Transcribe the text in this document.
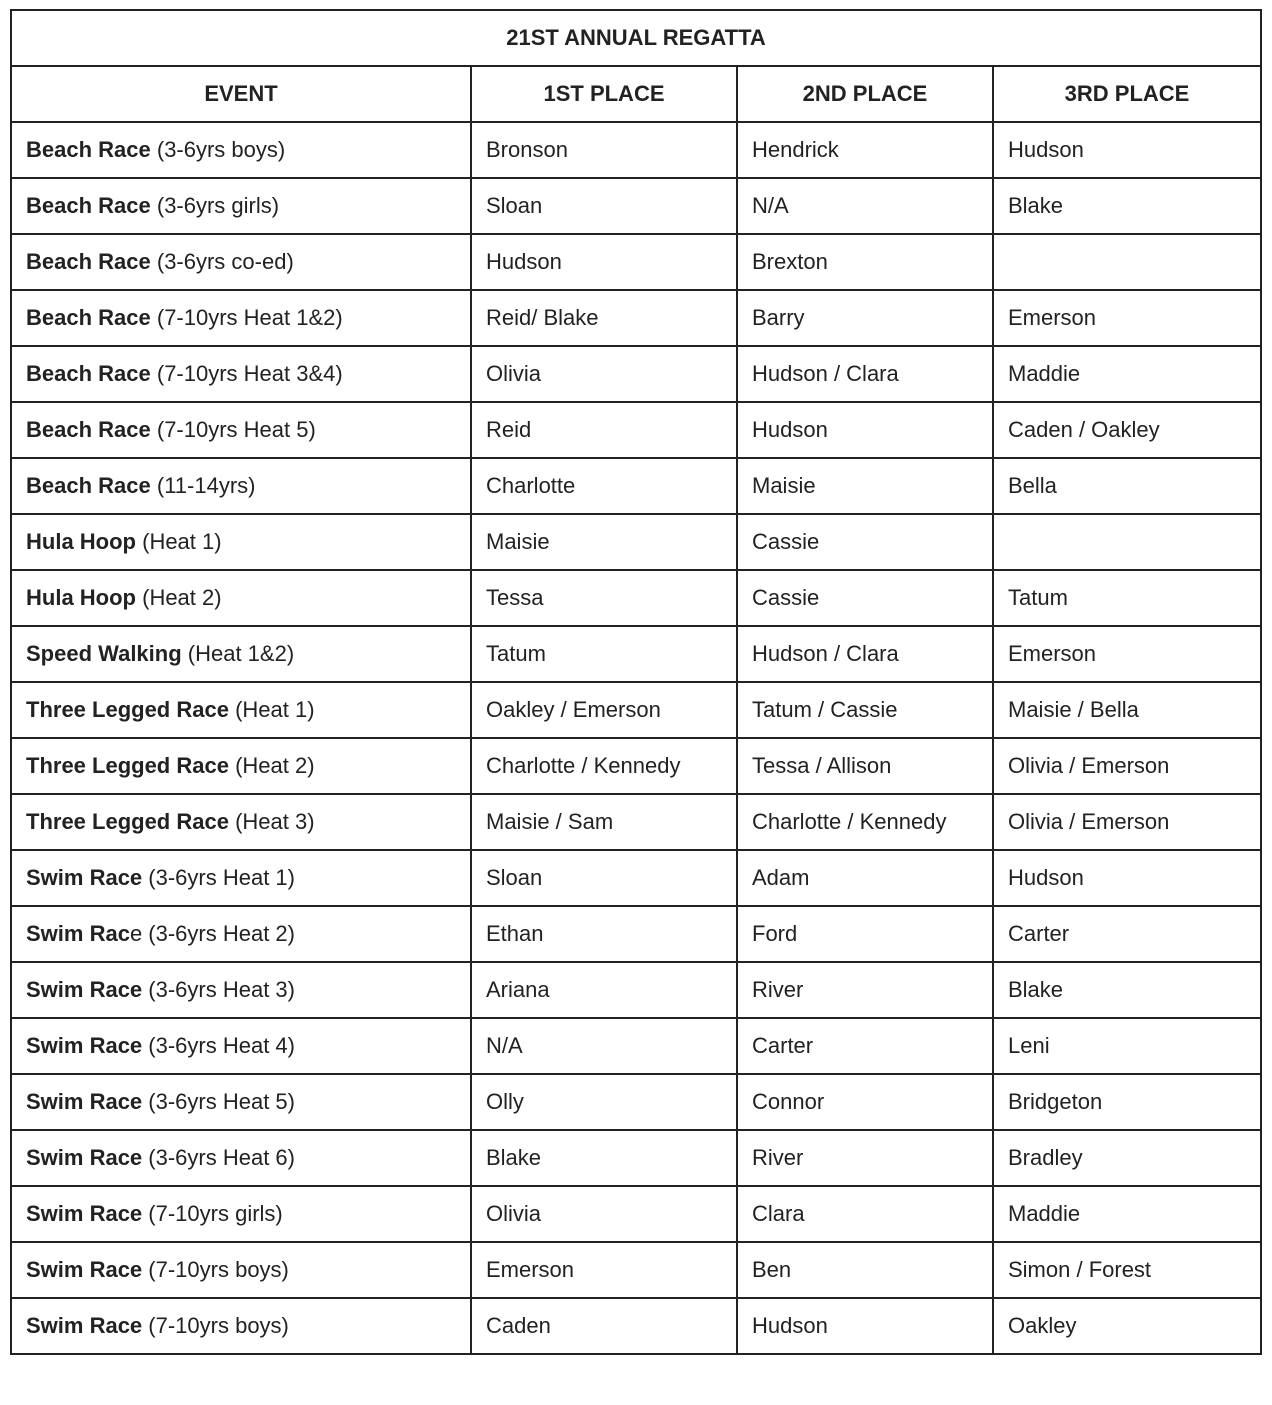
21ST ANNUAL REGATTA			
EVENT	1ST PLACE	2ND PLACE	3RD PLACE
Beach Race (3-6yrs boys)	Bronson	Hendrick	Hudson
Beach Race (3-6yrs girls)	Sloan	N/A	Blake
Beach Race (3-6yrs co-ed)	Hudson	Brexton	
Beach Race (7-10yrs Heat 1&2)	Reid/ Blake	Barry	Emerson
Beach Race (7-10yrs Heat 3&4)	Olivia	Hudson / Clara	Maddie
Beach Race (7-10yrs Heat 5)	Reid	Hudson	Caden / Oakley
Beach Race (11-14yrs)	Charlotte	Maisie	Bella
Hula Hoop (Heat 1)	Maisie	Cassie	
Hula Hoop (Heat 2)	Tessa	Cassie	Tatum
Speed Walking (Heat 1&2)	Tatum	Hudson / Clara	Emerson
Three Legged Race (Heat 1)	Oakley / Emerson	Tatum / Cassie	Maisie / Bella
Three Legged Race (Heat 2)	Charlotte / Kennedy	Tessa / Allison	Olivia / Emerson
Three Legged Race (Heat 3)	Maisie / Sam	Charlotte / Kennedy	Olivia / Emerson
Swim Race (3-6yrs Heat 1)	Sloan	Adam	Hudson
Swim Race (3-6yrs Heat 2)	Ethan	Ford	Carter
Swim Race (3-6yrs Heat 3)	Ariana	River	Blake
Swim Race (3-6yrs Heat 4)	N/A	Carter	Leni
Swim Race (3-6yrs Heat 5)	Olly	Connor	Bridgeton
Swim Race (3-6yrs Heat 6)	Blake	River	Bradley
Swim Race (7-10yrs girls)	Olivia	Clara	Maddie
Swim Race (7-10yrs boys)	Emerson	Ben	Simon / Forest
Swim Race (7-10yrs boys)	Caden	Hudson	Oakley
